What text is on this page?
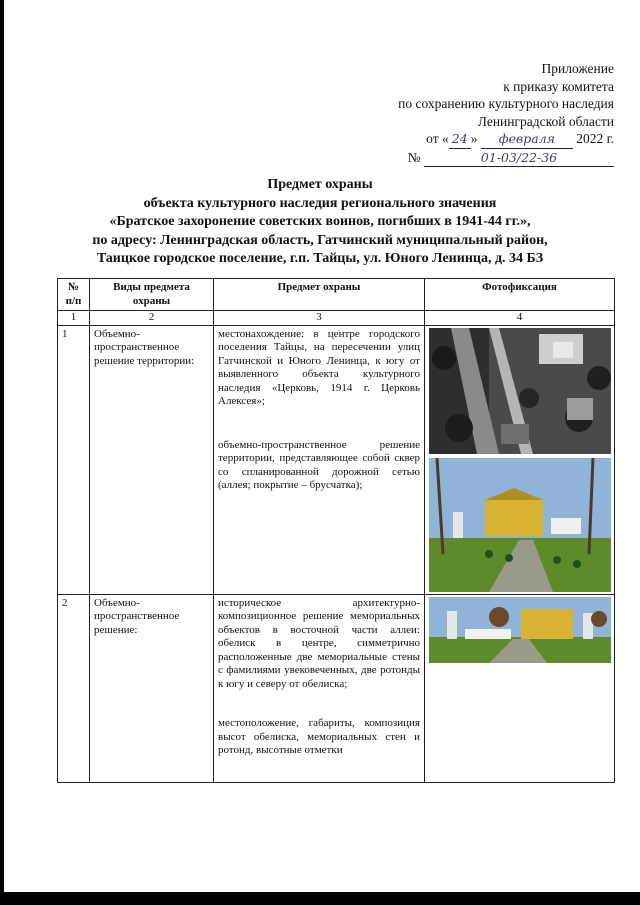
Приложение
к приказу комитета
по сохранению культурного наследия
Ленинградской области
от « 24 » февраля 2022 г.
№	01-03/22-36
Предмет охраны
объекта культурного наследия регионального значения
«Братское захоронение советских воинов, погибших в 1941-44 гг.»,
по адресу: Ленинградская область, Гатчинский муниципальный район,
Таицкое городское поселение, г.п. Тайцы, ул. Юного Ленинца, д. 34 БЗ
№ п/п	Виды предмета охраны	Предмет охраны	Фотофиксация
1	2	3	4
1	Объемно-пространственное решение территории:	местонахождение: в центре городского поселения Тайцы, на пересечении улиц Гатчинской и Юного Ленинца, к югу от выявленного объекта культурного наследия «Церковь, 1914 г. Церковь Алексея»;
объемно-пространственное решение территории, представляющее собой сквер со спланированной дорожной сетью (аллея; покрытие – брусчатка);

2	Объемно-пространственное решение:	историческое архитектурно-композиционное решение мемориальных объектов в восточной части аллеи: обелиск в центре, симметрично расположенные две мемориальные стены с фамилиями увековеченных, две ротонды к югу и северу от обелиска;
местоположение, габариты, композиция высот обелиска, мемориальных стен и ротонд, высотные отметки
